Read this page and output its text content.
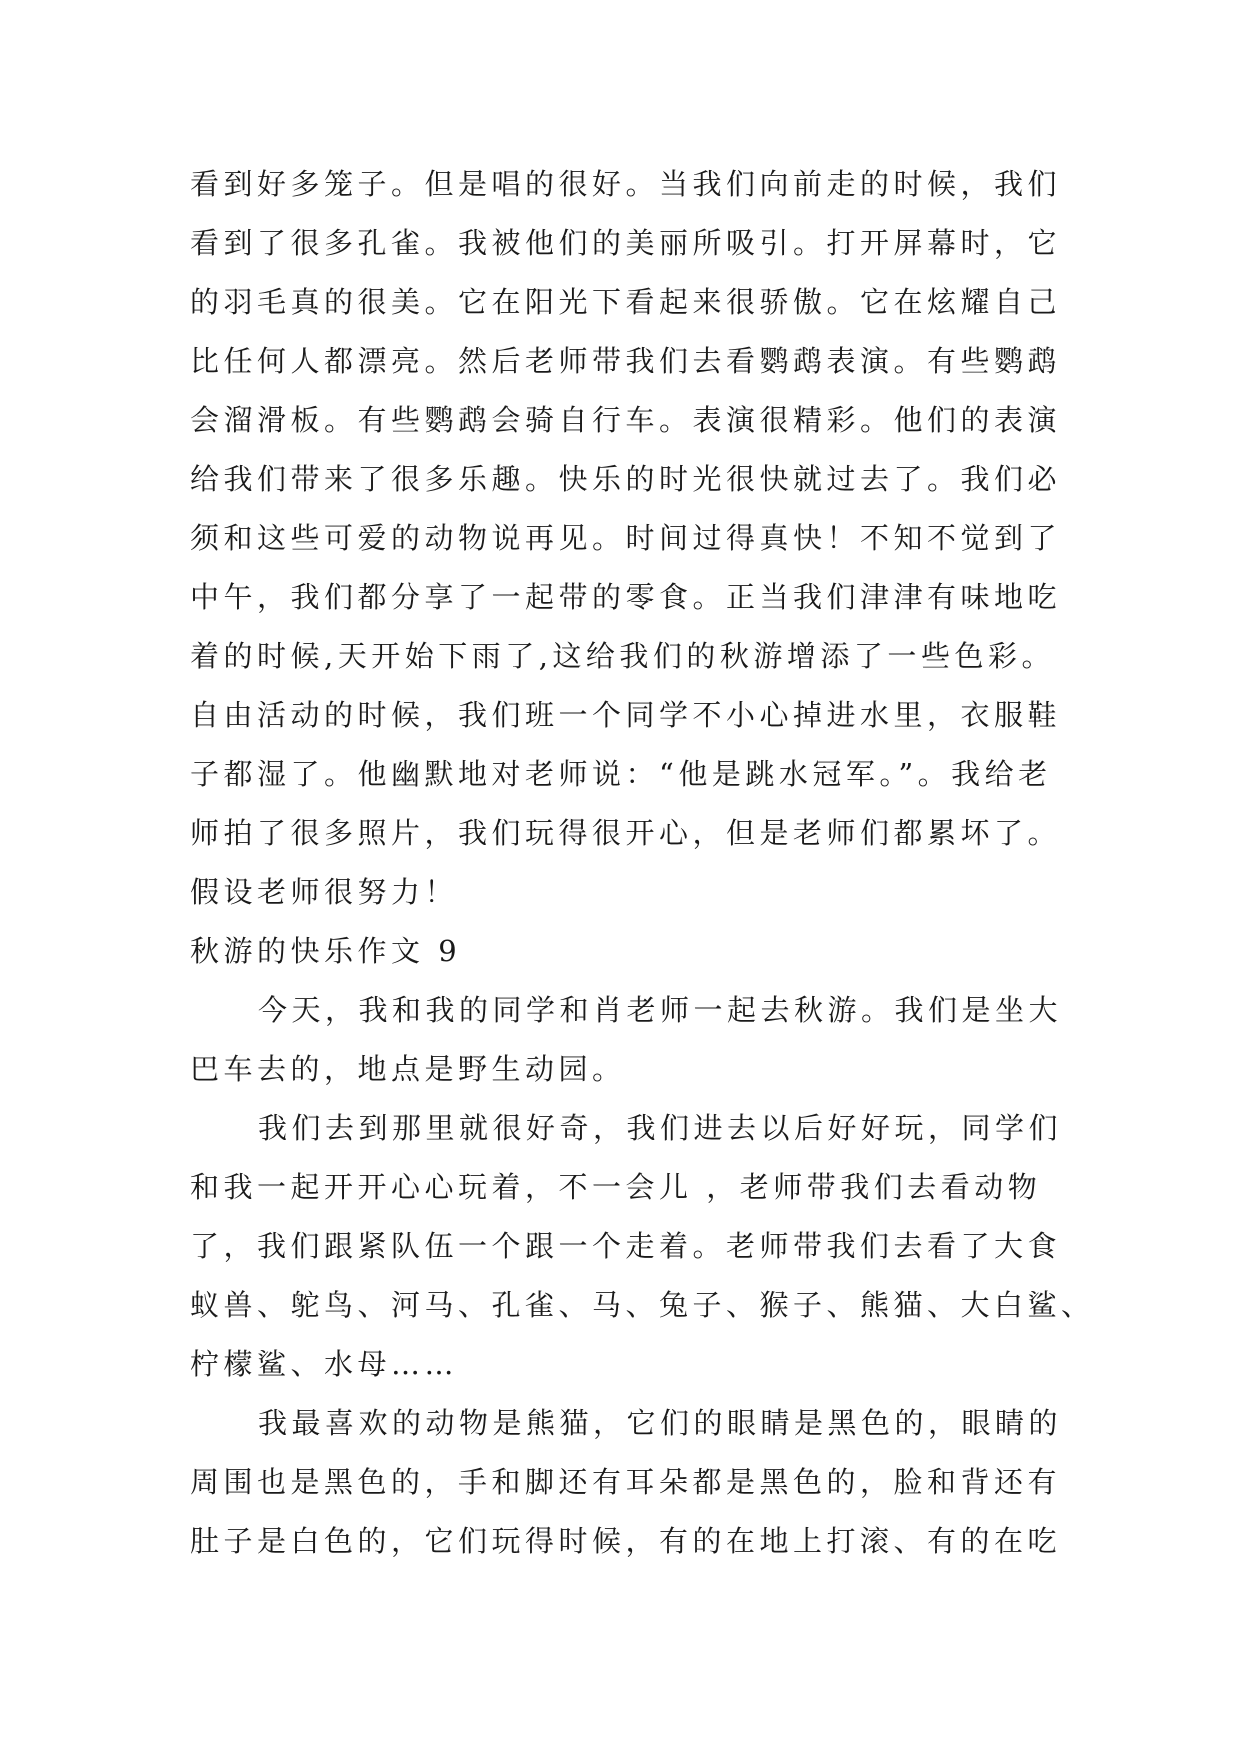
看到好多笼子。但是唱的很好。当我们向前走的时候，我们
看到了很多孔雀。我被他们的美丽所吸引。打开屏幕时，它
的羽毛真的很美。它在阳光下看起来很骄傲。它在炫耀自己
比任何人都漂亮。然后老师带我们去看鹦鹉表演。有些鹦鹉
会溜滑板。有些鹦鹉会骑自行车。表演很精彩。他们的表演
给我们带来了很多乐趣。快乐的时光很快就过去了。我们必
须和这些可爱的动物说再见。时间过得真快！不知不觉到了
中午，我们都分享了一起带的零食。正当我们津津有味地吃
着的时候,天开始下雨了,这给我们的秋游增添了一些色彩。
自由活动的时候，我们班一个同学不小心掉进水里，衣服鞋
子都湿了。他幽默地对老师说：“他是跳水冠军。”。我给老
师拍了很多照片，我们玩得很开心，但是老师们都累坏了。
假设老师很努力！
秋游的快乐作文 9
今天，我和我的同学和肖老师一起去秋游。我们是坐大
巴车去的，地点是野生动园。
我们去到那里就很好奇，我们进去以后好好玩，同学们
和我一起开开心心玩着，不一会儿 ，老师带我们去看动物
了，我们跟紧队伍一个跟一个走着。老师带我们去看了大食
蚁兽、鸵鸟、河马、孔雀、马、兔子、猴子、熊猫、大白鲨、
柠檬鲨、水母……
我最喜欢的动物是熊猫，它们的眼睛是黑色的，眼睛的
周围也是黑色的，手和脚还有耳朵都是黑色的，脸和背还有
肚子是白色的，它们玩得时候，有的在地上打滚、有的在吃
